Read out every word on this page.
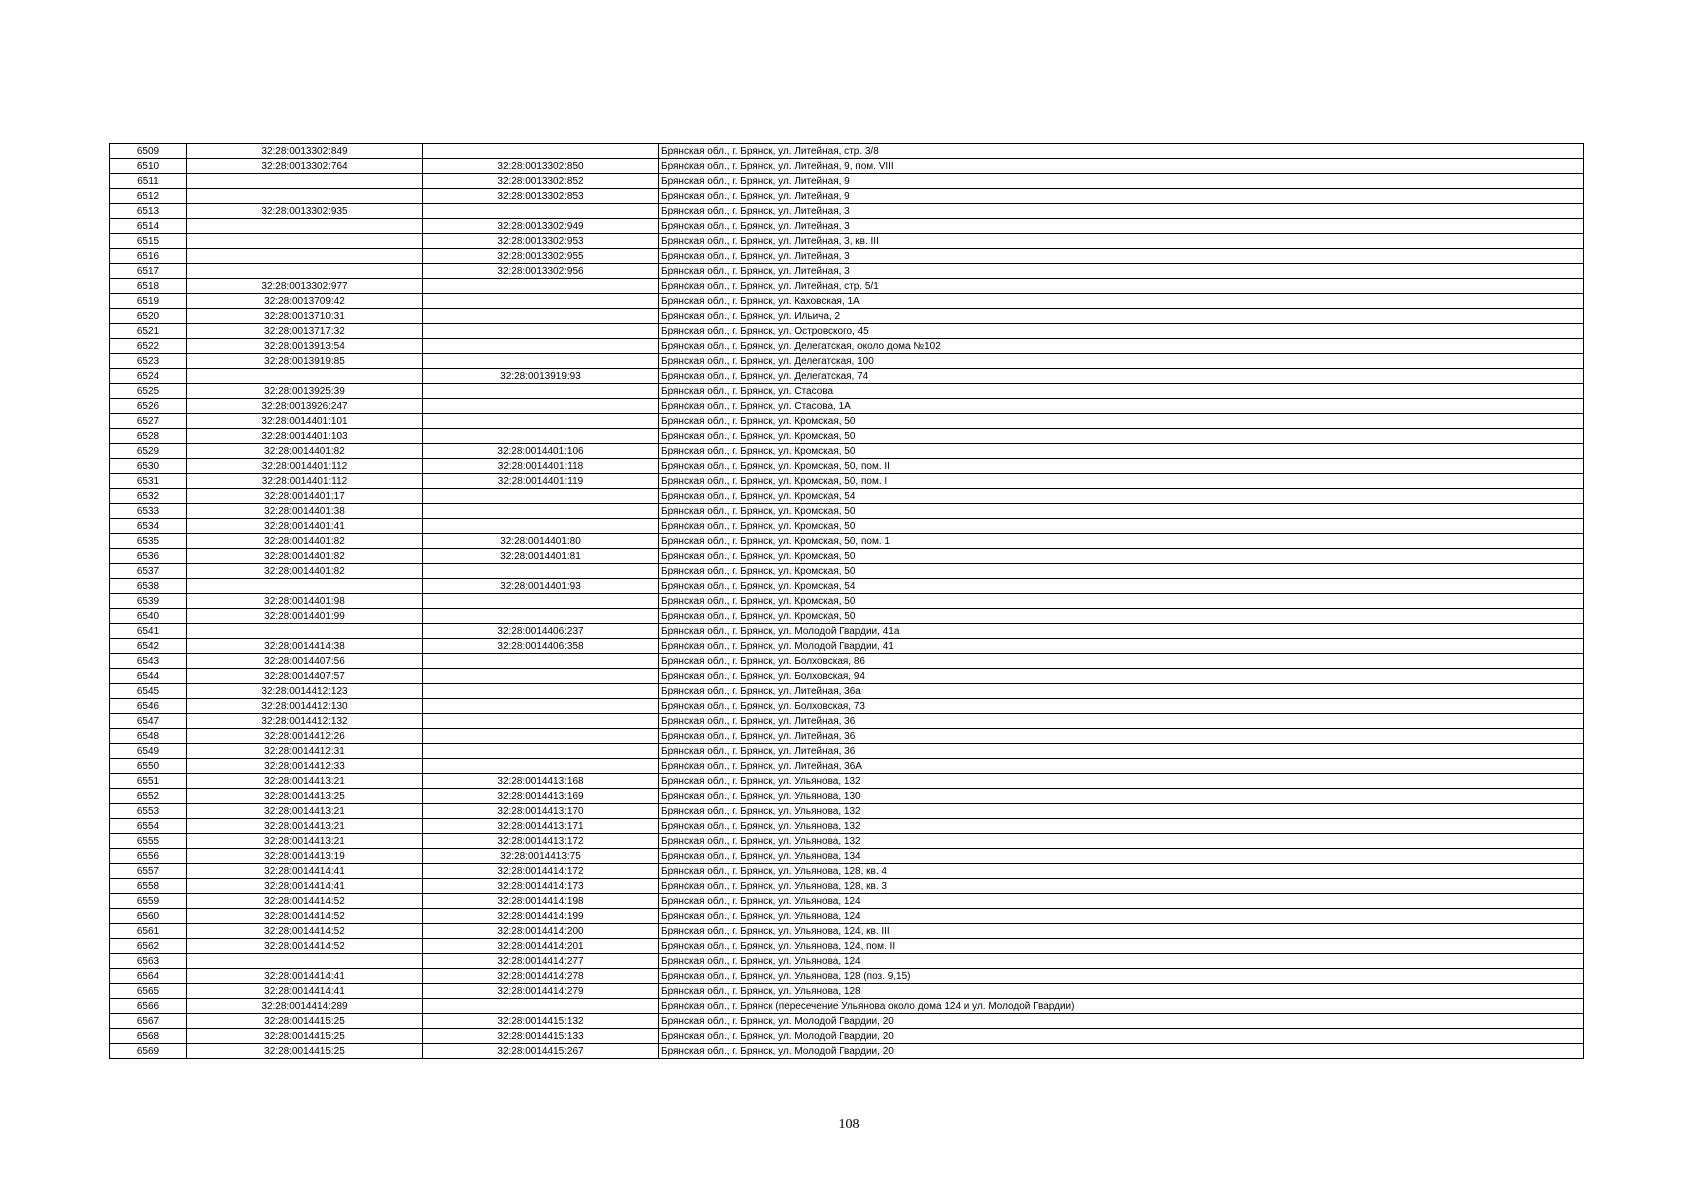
6509	32:28:0013302:849		Брянская обл., г. Брянск, ул. Литейная, стр. 3/8
6510	32:28:0013302:764	32:28:0013302:850	Брянская обл., г. Брянск, ул. Литейная, 9, пом. VIII
6511		32:28:0013302:852	Брянская обл., г. Брянск, ул. Литейная, 9
6512		32:28:0013302:853	Брянская обл., г. Брянск, ул. Литейная, 9
6513	32:28:0013302:935		Брянская обл., г. Брянск, ул. Литейная, 3
6514		32:28:0013302:949	Брянская обл., г. Брянск, ул. Литейная, 3
6515		32:28:0013302:953	Брянская обл., г. Брянск, ул. Литейная, 3, кв. III
6516		32:28:0013302:955	Брянская обл., г. Брянск, ул. Литейная, 3
6517		32:28:0013302:956	Брянская обл., г. Брянск, ул. Литейная, 3
6518	32:28:0013302:977		Брянская обл., г. Брянск, ул. Литейная, стр. 5/1
6519	32:28:0013709:42		Брянская обл., г. Брянск, ул. Каховская, 1А
6520	32:28:0013710:31		Брянская обл., г. Брянск, ул. Ильича, 2
6521	32:28:0013717:32		Брянская обл., г. Брянск, ул. Островского, 45
6522	32:28:0013913:54		Брянская обл., г. Брянск, ул. Делегатская, около дома №102
6523	32:28:0013919:85		Брянская обл., г. Брянск, ул. Делегатская, 100
6524		32:28:0013919:93	Брянская обл., г. Брянск, ул. Делегатская, 74
6525	32:28:0013925:39		Брянская обл., г. Брянск, ул. Стасова
6526	32:28:0013926:247		Брянская обл., г. Брянск, ул. Стасова, 1А
6527	32:28:0014401:101		Брянская обл., г. Брянск, ул. Кромская, 50
6528	32:28:0014401:103		Брянская обл., г. Брянск, ул. Кромская, 50
6529	32:28:0014401:82	32:28:0014401:106	Брянская обл., г. Брянск, ул. Кромская, 50
6530	32:28:0014401:112	32:28:0014401:118	Брянская обл., г. Брянск, ул. Кромская, 50, пом. II
6531	32:28:0014401:112	32:28:0014401:119	Брянская обл., г. Брянск, ул. Кромская, 50, пом. I
6532	32:28:0014401:17		Брянская обл., г. Брянск, ул. Кромская, 54
6533	32:28:0014401:38		Брянская обл., г. Брянск, ул. Кромская, 50
6534	32:28:0014401:41		Брянская обл., г. Брянск, ул. Кромская, 50
6535	32:28:0014401:82	32:28:0014401:80	Брянская обл., г. Брянск, ул. Кромская, 50, пом. 1
6536	32:28:0014401:82	32:28:0014401:81	Брянская обл., г. Брянск, ул. Кромская, 50
6537	32:28:0014401:82		Брянская обл., г. Брянск, ул. Кромская, 50
6538		32:28:0014401:93	Брянская обл., г. Брянск, ул. Кромская, 54
6539	32:28:0014401:98		Брянская обл., г. Брянск, ул. Кромская, 50
6540	32:28:0014401:99		Брянская обл., г. Брянск, ул. Кромская, 50
6541		32:28:0014406:237	Брянская обл., г. Брянск, ул. Молодой Гвардии, 41а
6542	32:28:0014414:38	32:28:0014406:358	Брянская обл., г. Брянск, ул. Молодой Гвардии, 41
6543	32:28:0014407:56		Брянская обл., г. Брянск, ул. Болховская, 86
6544	32:28:0014407:57		Брянская обл., г. Брянск, ул. Болховская, 94
6545	32:28:0014412:123		Брянская обл., г. Брянск, ул. Литейная, 36а
6546	32:28:0014412:130		Брянская обл., г. Брянск, ул. Болховская, 73
6547	32:28:0014412:132		Брянская обл., г. Брянск, ул. Литейная, 36
6548	32:28:0014412:26		Брянская обл., г. Брянск, ул. Литейная, 36
6549	32:28:0014412:31		Брянская обл., г. Брянск, ул. Литейная, 36
6550	32:28:0014412:33		Брянская обл., г. Брянск, ул. Литейная, 36А
6551	32:28:0014413:21	32:28:0014413:168	Брянская обл., г. Брянск, ул. Ульянова, 132
6552	32:28:0014413:25	32:28:0014413:169	Брянская обл., г. Брянск, ул. Ульянова, 130
6553	32:28:0014413:21	32:28:0014413:170	Брянская обл., г. Брянск, ул. Ульянова, 132
6554	32:28:0014413:21	32:28:0014413:171	Брянская обл., г. Брянск, ул. Ульянова, 132
6555	32:28:0014413:21	32:28:0014413:172	Брянская обл., г. Брянск, ул. Ульянова, 132
6556	32:28:0014413:19	32:28:0014413:75	Брянская обл., г. Брянск, ул. Ульянова, 134
6557	32:28:0014414:41	32:28:0014414:172	Брянская обл., г. Брянск, ул. Ульянова, 128, кв. 4
6558	32:28:0014414:41	32:28:0014414:173	Брянская обл., г. Брянск, ул. Ульянова, 128, кв. 3
6559	32:28:0014414:52	32:28:0014414:198	Брянская обл., г. Брянск, ул. Ульянова, 124
6560	32:28:0014414:52	32:28:0014414:199	Брянская обл., г. Брянск, ул. Ульянова, 124
6561	32:28:0014414:52	32:28:0014414:200	Брянская обл., г. Брянск, ул. Ульянова, 124, кв. III
6562	32:28:0014414:52	32:28:0014414:201	Брянская обл., г. Брянск, ул. Ульянова, 124, пом. II
6563		32:28:0014414:277	Брянская обл., г. Брянск, ул. Ульянова, 124
6564	32:28:0014414:41	32:28:0014414:278	Брянская обл., г. Брянск, ул. Ульянова, 128 (поз. 9,15)
6565	32:28:0014414:41	32:28:0014414:279	Брянская обл., г. Брянск, ул. Ульянова, 128
6566	32:28:0014414:289		Брянская обл., г. Брянск (пересечение Ульянова около дома 124 и ул. Молодой Гвардии)
6567	32:28:0014415:25	32:28:0014415:132	Брянская обл., г. Брянск, ул. Молодой Гвардии, 20
6568	32:28:0014415:25	32:28:0014415:133	Брянская обл., г. Брянск, ул. Молодой Гвардии, 20
6569	32:28:0014415:25	32:28:0014415:267	Брянская обл., г. Брянск, ул. Молодой Гвардии, 20
108
